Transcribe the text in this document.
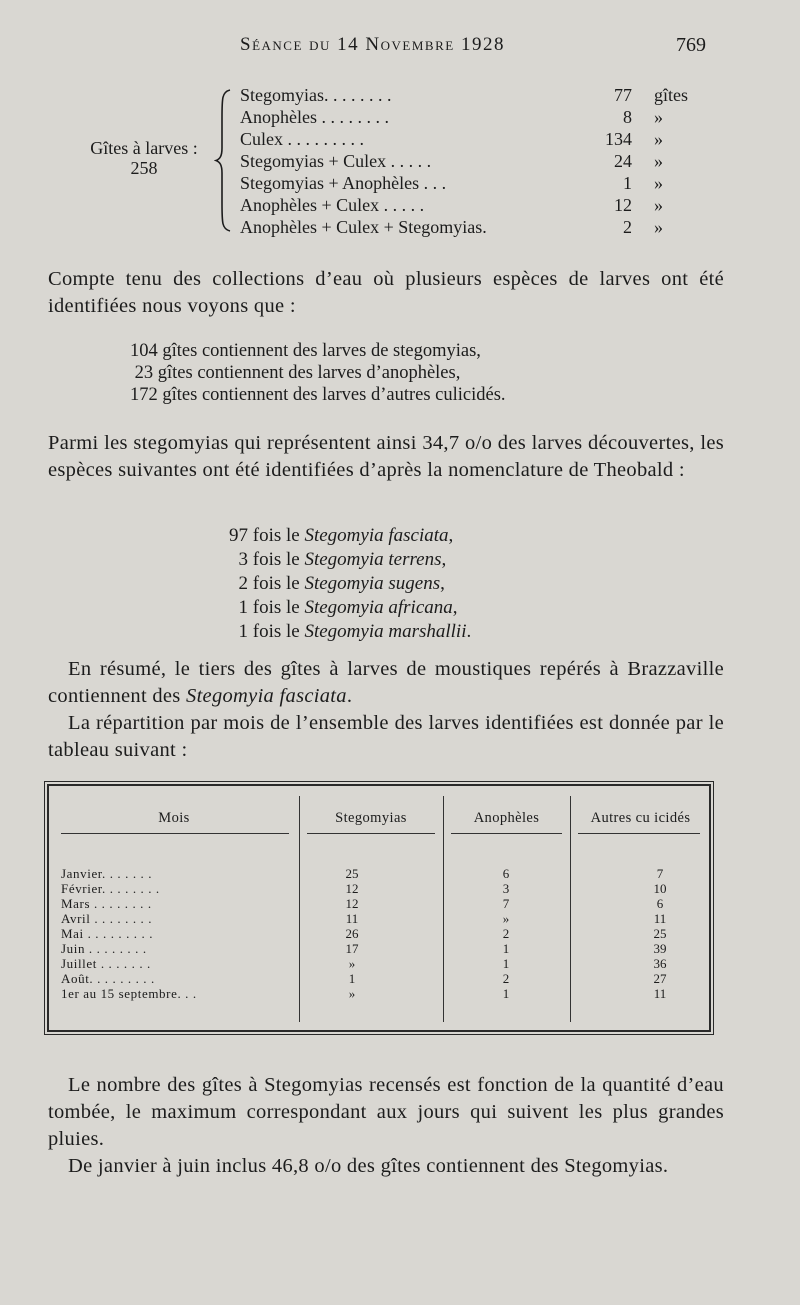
Séance du 14 Novembre 1928	769
Gîtes à larves :
258
Stegomyias. . . . . . . .	77 gîtes
Anophèles . . . . . . . .	8 »
Culex . . . . . . . . .	134 »
Stegomyias + Culex . . . . .	24 »
Stegomyias + Anophèles . . .	1 »
Anophèles + Culex . . . . .	12 »
Anophèles + Culex + Stegomyias.	2 »
Compte tenu des collections d’eau où plusieurs espèces de larves ont été identifiées nous voyons que :
104 gîtes contiennent des larves de stegomyias,
23 gîtes contiennent des larves d’anophèles,
172 gîtes contiennent des larves d’autres culicidés.
Parmi les stegomyias qui représentent ainsi 34,7 o/o des larves découvertes, les espèces suivantes ont été identifiées d’après la nomenclature de Theobald :
97 fois le Stegomyia fasciata,
3 fois le Stegomyia terrens,
2 fois le Stegomyia sugens,
1 fois le Stegomyia africana,
1 fois le Stegomyia marshallii.
En résumé, le tiers des gîtes à larves de moustiques repérés à Brazzaville contiennent des Stegomyia fasciata.
La répartition par mois de l’ensemble des larves identifiées est donnée par le tableau suivant :
Mois	Stegomyias	Anophèles	Autres cu icidés
Janvier. . . . . . .	25	6	7
Février. . . . . . . .	12	3	10
Mars . . . . . . . .	12	7	6
Avril . . . . . . . .	11	»	11
Mai . . . . . . . . .	26	2	25
Juin . . . . . . . .	17	1	39
Juillet . . . . . . .	»	1	36
Août. . . . . . . . .	1	2	27
1er au 15 septembre. . .	»	1	11
Le nombre des gîtes à Stegomyias recensés est fonction de la quantité d’eau tombée, le maximum correspondant aux jours qui suivent les plus grandes pluies.
De janvier à juin inclus 46,8 o/o des gîtes contiennent des Stegomyias.
